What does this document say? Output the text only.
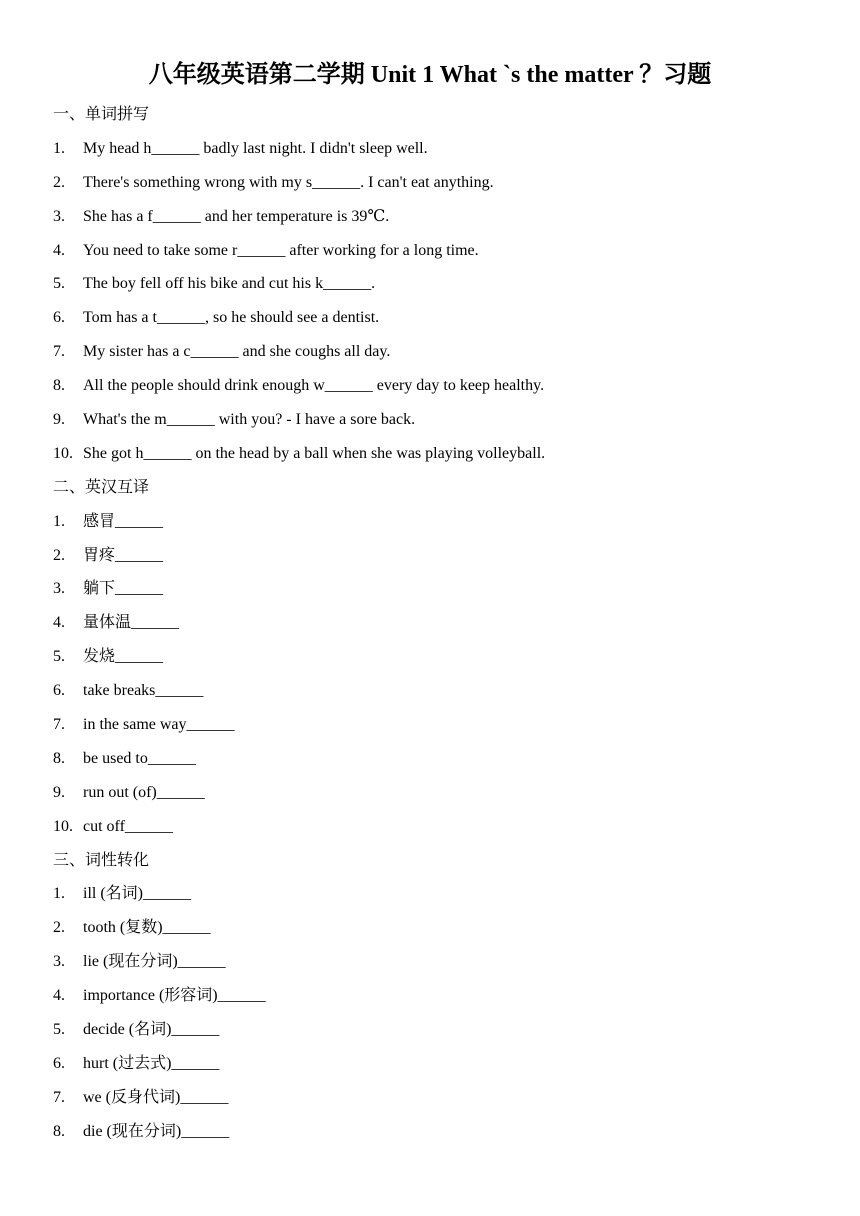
八年级英语第二学期 Unit 1 What `s the matter ？习题
一、单词拼写
1. My head h______ badly last night. I didn't sleep well.
2. There's something wrong with my s______. I can't eat anything.
3. She has a f______ and her temperature is 39℃.
4. You need to take some r______ after working for a long time.
5. The boy fell off his bike and cut his k______.
6. Tom has a t______, so he should see a dentist.
7. My sister has a c______ and she coughs all day.
8. All the people should drink enough w______ every day to keep healthy.
9. What's the m______ with you? - I have a sore back.
10. She got h______ on the head by a ball when she was playing volleyball.
二、英汉互译
1. 感冒______
2. 胃疼______
3. 躺下______
4. 量体温______
5. 发烧______
6. take breaks______
7. in the same way______
8. be used to______
9. run out (of)______
10. cut off______
三、词性转化
1. ill (名词)______
2. tooth (复数)______
3. lie (现在分词)______
4. importance (形容词)______
5. decide (名词)______
6. hurt (过去式)______
7. we (反身代词)______
8. die (现在分词)______
